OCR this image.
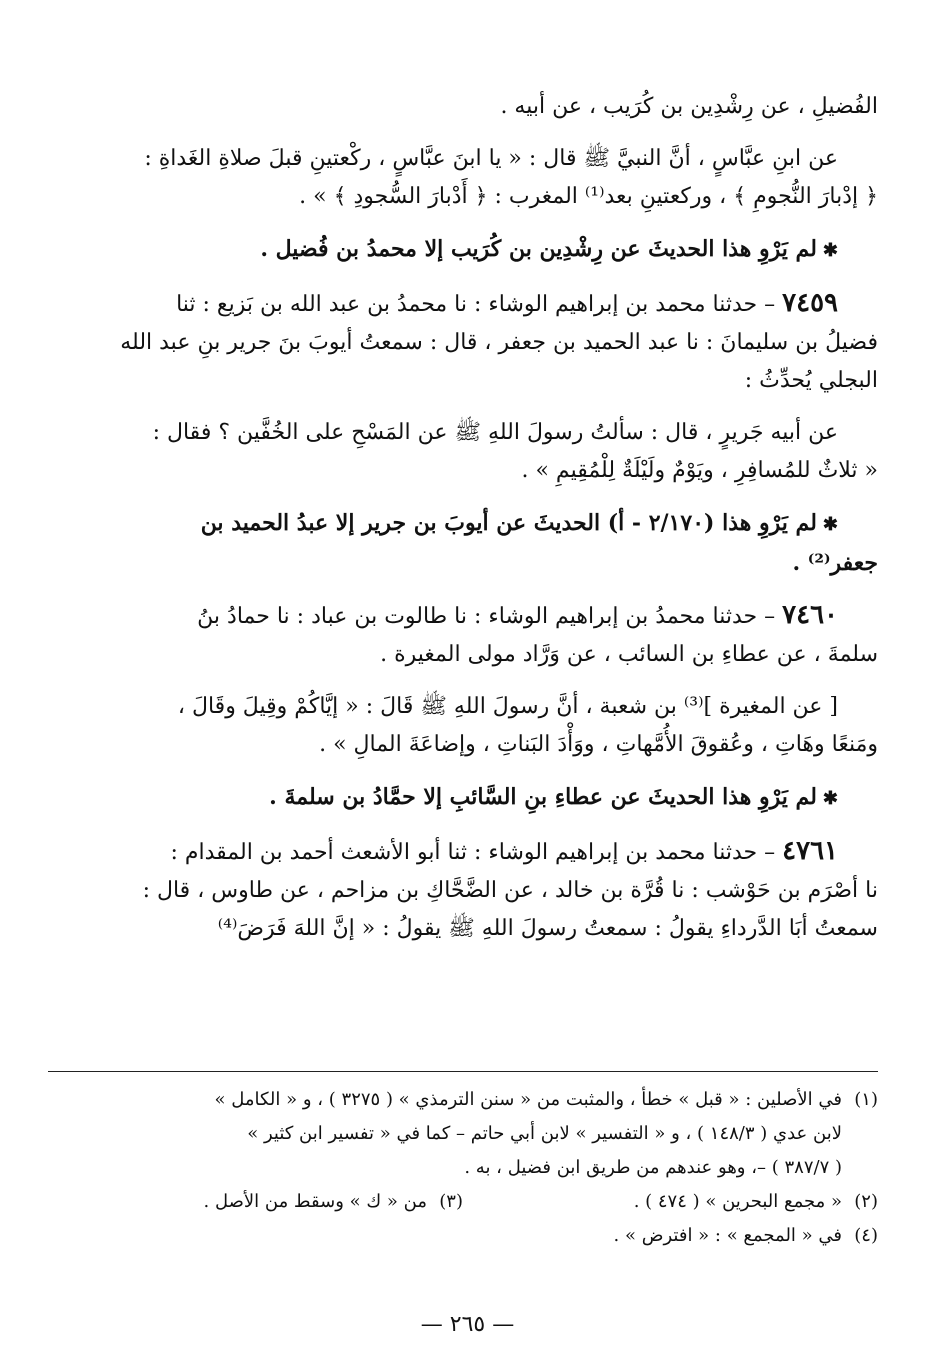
الفُضيلِ ، عن رِشْدِين بن كُرَيب ، عن أبيه .

عن ابنِ عبَّاسٍ ، أنَّ النبيَّ ﷺ قال : « يا ابنَ عبَّاسٍ ، ركْعتينِ قبلَ صلاةِ الغَداةِ :

﴿ إدْبارَ النُّجومِ ﴾ ، وركعتينِ بعد⁽¹⁾ المغرب : ﴿ أَدْبارَ السُّجودِ ﴾ » .

✱لم يَرْوِ هذا الحديثَ عن رِشْدِين بن كُرَيب إلا محمدُ بن فُضيل .

٧٤٥٩ – حدثنا محمد بن إبراهيم الوشاء : نا محمدُ بن عبد الله بن بَزيع : ثنا

فضيلُ بن سليمانَ : نا عبد الحميد بن جعفر ، قال : سمعتُ أيوبَ بنَ جرير بنِ عبد الله

البجلي يُحدِّثُ :

عن أبيه جَريرٍ ، قال : سألتُ رسولَ اللهِ ﷺ عن المَسْحِ على الخُفَّين ؟ فقال :

« ثلاثٌ للمُسافِرِ ، ويَوْمٌ ولَيْلَةٌ لِلْمُقِيمِ » .

✱لم يَرْوِ هذا (٢/١٧٠ - أ) الحديثَ عن أيوبَ بن جرير إلا عبدُ الحميد بن

جعفر⁽²⁾ .

٧٤٦٠ – حدثنا محمدُ بن إبراهيم الوشاء : نا طالوت بن عباد : نا حمادُ بنُ

سلمةَ ، عن عطاءِ بن السائب ، عن وَرَّاد مولى المغيرة .

[ عن المغيرة ]⁽³⁾ بن شعبة ، أنَّ رسولَ اللهِ ﷺ قَالَ : « إيَّاكُمْ وقِيلَ وقَالَ ،

ومَنعًا وهَاتِ ، وعُقوقَ الأُمَّهاتِ ، ووَأْدَ البَناتِ ، وإضاعَةَ المالِ » .

✱لم يَرْوِ هذا الحديثَ عن عطاءِ بنِ السَّائبِ إلا حمَّادُ بن سلمةَ .

٤٧٦١ – حدثنا محمد بن إبراهيم الوشاء : ثنا أبو الأشعث أحمد بن المقدام :

نا أصْرَم بن حَوْشب : نا قُرَّة بن خالد ، عن الضَّحَّاكِ بن مزاحم ، عن طاوس ، قال :

سمعتُ أبَا الدَّرداءِ يقولُ : سمعتُ رسولَ اللهِ ﷺ يقولُ : « إنَّ اللهَ فَرَضَ⁽⁴⁾

(١)
في الأصلين : « قبل » خطأ ، والمثبت من « سنن الترمذي » ( ٣٢٧٥ ) ، و « الكامل »
لابن عدي ( ١٤٨/٣ ) ، و « التفسير » لابن أبي حاتم – كما في « تفسير ابن كثير »
( ٣٨٧/٧ ) –، وهو عندهم من طريق ابن فضيل ، به .
(٢)
« مجمع البحرين » ( ٤٧٤ ) .
(٣)
من « ك » وسقط من الأصل .
(٤)
في « المجمع » : « افترض » .
— ٢٦٥ —
